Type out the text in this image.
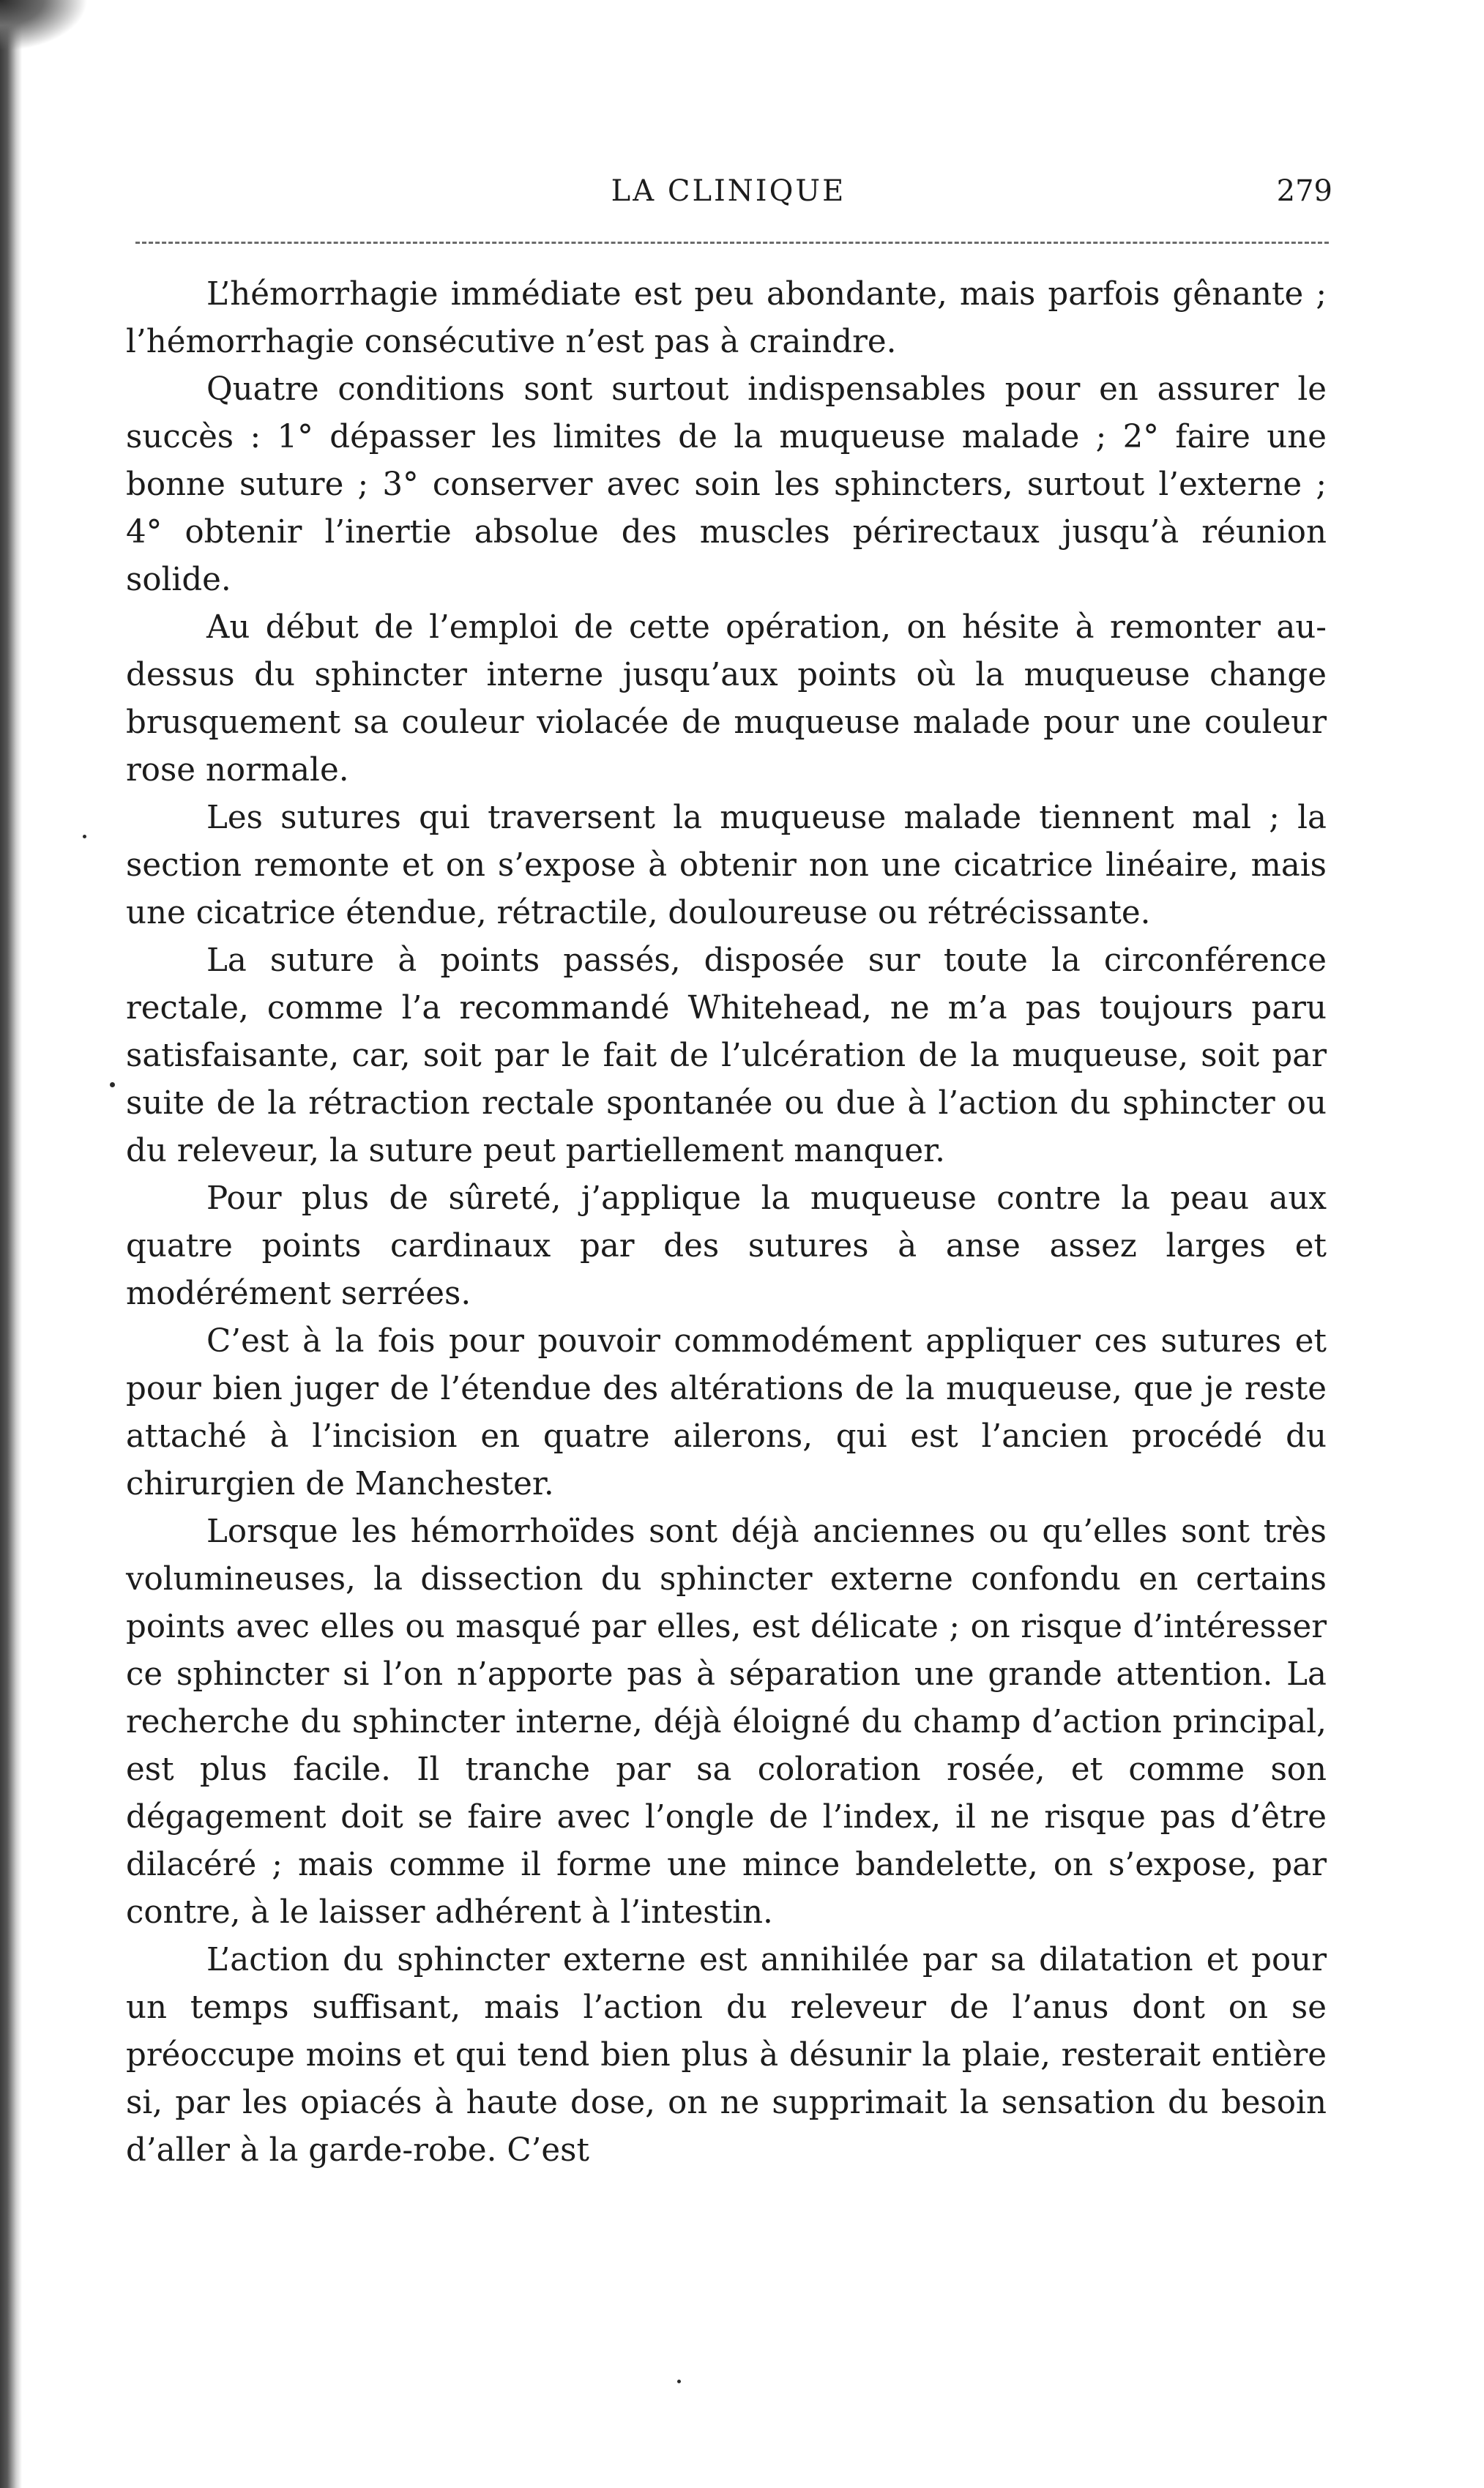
LA CLINIQUE	279

L’hémorrhagie immédiate est peu abondante, mais parfois gênante ; l’hémorrhagie consécutive n’est pas à craindre.

Quatre conditions sont surtout indispensables pour en assurer le succès : 1° dépasser les limites de la muqueuse malade ; 2° faire une bonne suture ; 3° conserver avec soin les sphincters, surtout l’externe ; 4° obtenir l’inertie absolue des muscles périrectaux jusqu’à réunion solide.

Au début de l’emploi de cette opération, on hésite à remonter au-dessus du sphincter interne jusqu’aux points où la muqueuse change brusquement sa couleur violacée de muqueuse malade pour une couleur rose normale.

Les sutures qui traversent la muqueuse malade tiennent mal ; la section remonte et on s’expose à obtenir non une cicatrice linéaire, mais une cicatrice étendue, rétractile, douloureuse ou rétrécissante.

La suture à points passés, disposée sur toute la circonférence rectale, comme l’a recommandé Whitehead, ne m’a pas toujours paru satisfaisante, car, soit par le fait de l’ulcération de la muqueuse, soit par suite de la rétraction rectale spontanée ou due à l’action du sphincter ou du releveur, la suture peut partiellement manquer.

Pour plus de sûreté, j’applique la muqueuse contre la peau aux quatre points cardinaux par des sutures à anse assez larges et modérément serrées.

C’est à la fois pour pouvoir commodément appliquer ces sutures et pour bien juger de l’étendue des altérations de la muqueuse, que je reste attaché à l’incision en quatre ailerons, qui est l’ancien procédé du chirurgien de Manchester.

Lorsque les hémorrhoïdes sont déjà anciennes ou qu’elles sont très volumineuses, la dissection du sphincter externe confondu en certains points avec elles ou masqué par elles, est délicate ; on risque d’intéresser ce sphincter si l’on n’apporte pas à séparation une grande attention. La recherche du sphincter interne, déjà éloigné du champ d’action principal, est plus facile. Il tranche par sa coloration rosée, et comme son dégagement doit se faire avec l’ongle de l’index, il ne risque pas d’être dilacéré ; mais comme il forme une mince bandelette, on s’expose, par contre, à le laisser adhérent à l’intestin.

L’action du sphincter externe est annihilée par sa dilatation et pour un temps suffisant, mais l’action du releveur de l’anus dont on se préoccupe moins et qui tend bien plus à désunir la plaie, resterait entière si, par les opiacés à haute dose, on ne supprimait la sensation du besoin d’aller à la garde-robe. C’est
